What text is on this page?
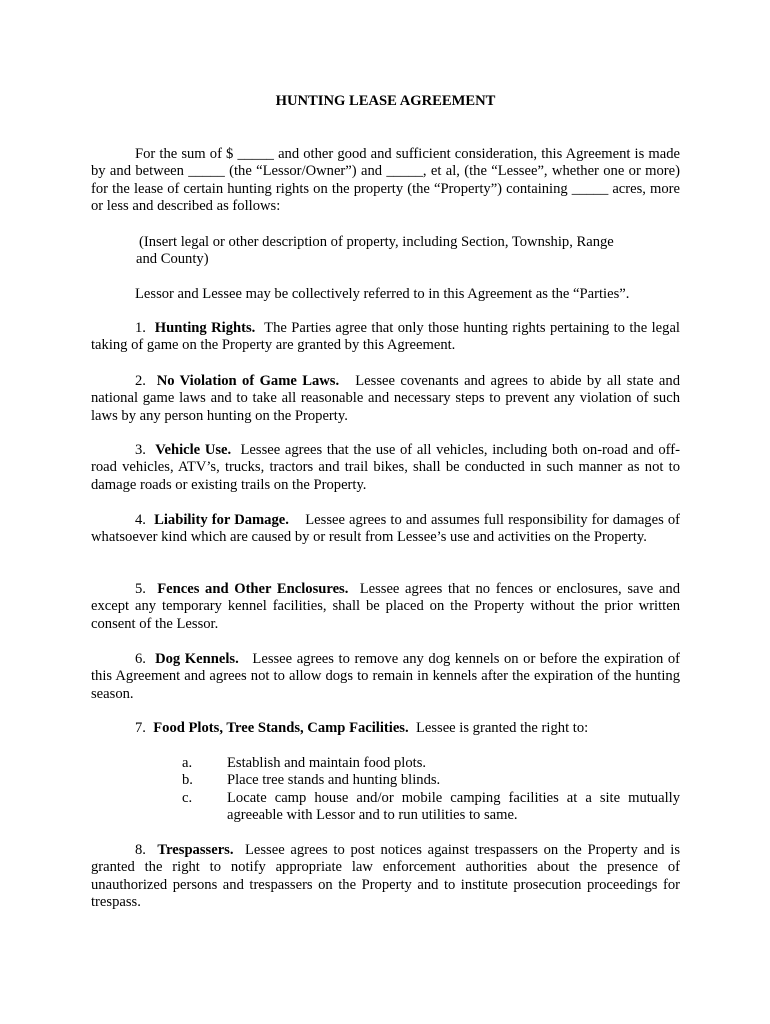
HUNTING LEASE AGREEMENT

For the sum of $ _____ and other good and sufficient consideration, this Agreement is made by and between _____ (the “Lessor/Owner”) and _____, et al, (the “Lessee”, whether one or more) for the lease of certain hunting rights on the property (the “Property”) containing _____ acres, more or less and described as follows:

(Insert legal or other description of property, including Section, Township, Range
and County)

Lessor and Lessee may be collectively referred to in this Agreement as the “Parties”.

1. Hunting Rights. The Parties agree that only those hunting rights pertaining to the legal taking of game on the Property are granted by this Agreement.

2. No Violation of Game Laws. Lessee covenants and agrees to abide by all state and national game laws and to take all reasonable and necessary steps to prevent any violation of such laws by any person hunting on the Property.

3. Vehicle Use. Lessee agrees that the use of all vehicles, including both on-road and off-road vehicles, ATV’s, trucks, tractors and trail bikes, shall be conducted in such manner as not to damage roads or existing trails on the Property.

4. Liability for Damage. Lessee agrees to and assumes full responsibility for damages of whatsoever kind which are caused by or result from Lessee’s use and activities on the Property.

5. Fences and Other Enclosures. Lessee agrees that no fences or enclosures, save and except any temporary kennel facilities, shall be placed on the Property without the prior written consent of the Lessor.

6. Dog Kennels. Lessee agrees to remove any dog kennels on or before the expiration of this Agreement and agrees not to allow dogs to remain in kennels after the expiration of the hunting season.

7. Food Plots, Tree Stands, Camp Facilities. Lessee is granted the right to:

a. Establish and maintain food plots.
b. Place tree stands and hunting blinds.
c. Locate camp house and/or mobile camping facilities at a site mutually agreeable with Lessor and to run utilities to same.

8. Trespassers. Lessee agrees to post notices against trespassers on the Property and is granted the right to notify appropriate law enforcement authorities about the presence of unauthorized persons and trespassers on the Property and to institute prosecution proceedings for trespass.
